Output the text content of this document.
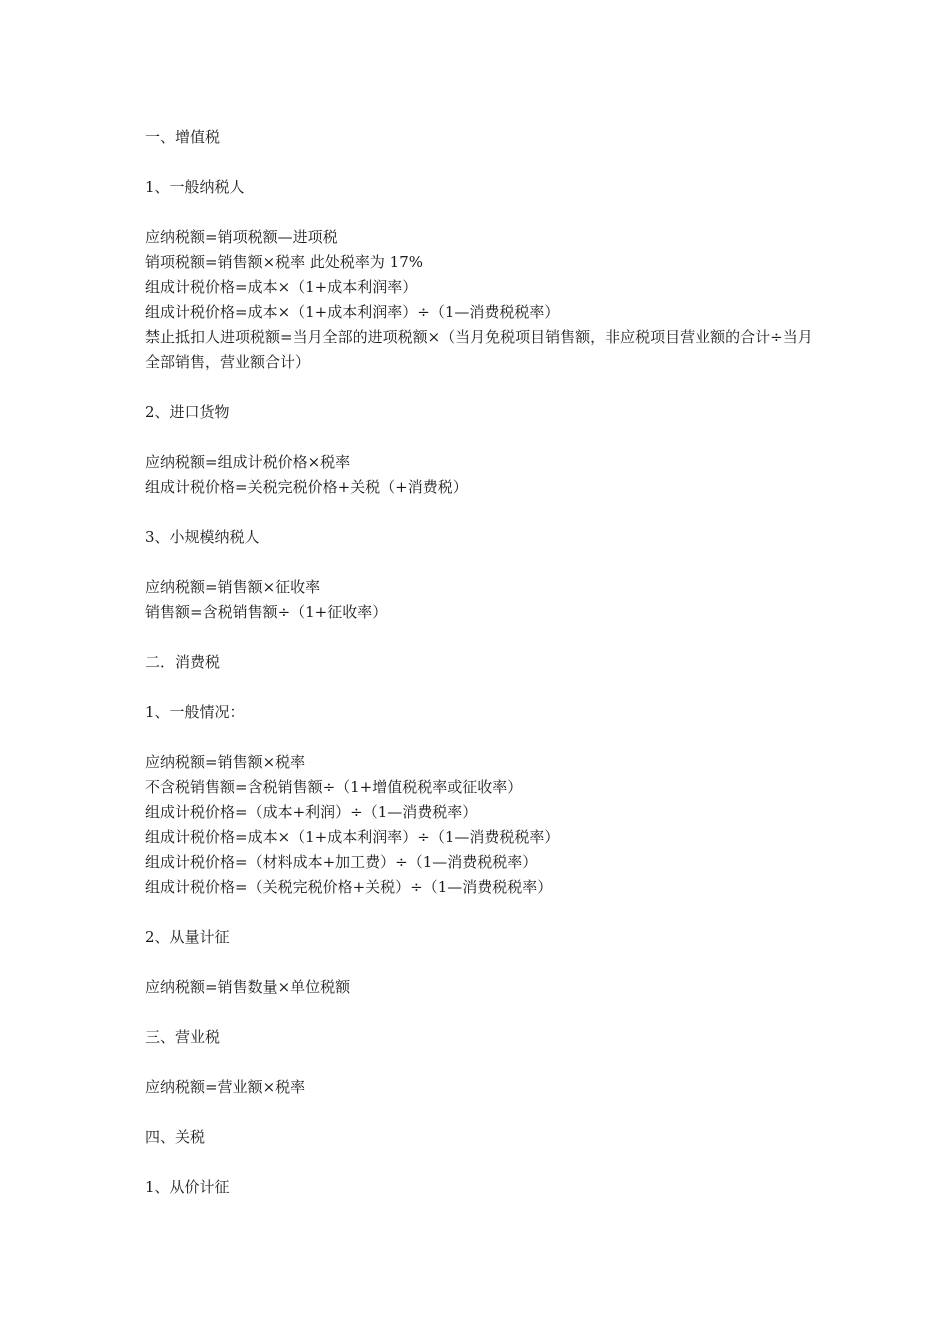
一、增值税
1、一般纳税人
应纳税额=销项税额—进项税
销项税额=销售额×税率 此处税率为 17%
组成计税价格=成本×（1+成本利润率）
组成计税价格=成本×（1+成本利润率）÷（1—消费税税率）
禁止抵扣人进项税额=当月全部的进项税额×（当月免税项目销售额，非应税项目营业额的合计÷当月全部销售，营业额合计）
2、进口货物
应纳税额=组成计税价格×税率
组成计税价格=关税完税价格+关税（+消费税）
3、小规模纳税人
应纳税额=销售额×征收率
销售额=含税销售额÷（1+征收率）
二．消费税
1、一般情况：
应纳税额=销售额×税率
不含税销售额=含税销售额÷（1+增值税税率或征收率）
组成计税价格=（成本+利润）÷（1—消费税率）
组成计税价格=成本×（1+成本利润率）÷（1—消费税税率）
组成计税价格=（材料成本+加工费）÷（1—消费税税率）
组成计税价格=（关税完税价格+关税）÷（1—消费税税率）
2、从量计征
应纳税额=销售数量×单位税额
三、营业税
应纳税额=营业额×税率
四、关税
1、从价计征
